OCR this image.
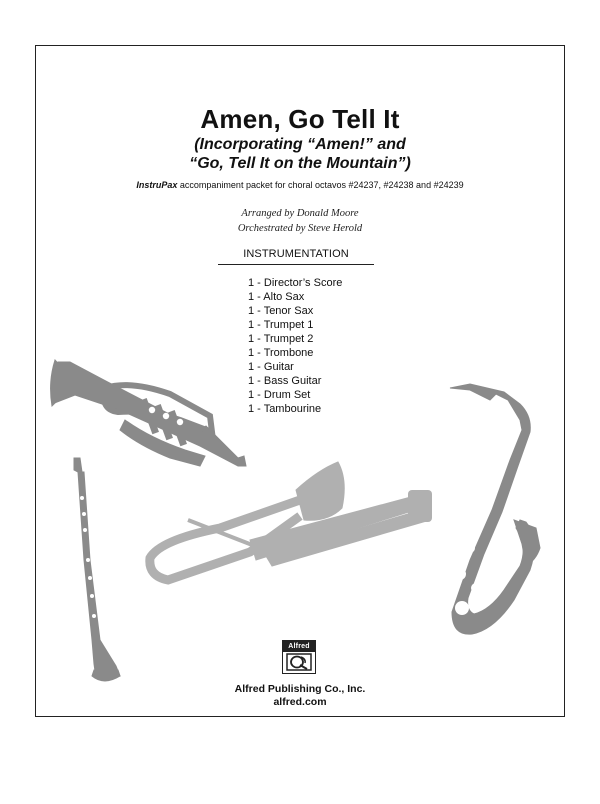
Amen, Go Tell It
(Incorporating “Amen!” and
“Go, Tell It on the Mountain”)
InstruPax accompaniment packet for choral octavos #24237, #24238 and #24239
Arranged by Donald Moore
Orchestrated by Steve Herold
INSTRUMENTATION
1 - Director’s Score
1 - Alto Sax
1 - Tenor Sax
1 - Trumpet 1
1 - Trumpet 2
1 - Trombone
1 - Guitar
1 - Bass Guitar
1 - Drum Set
1 - Tambourine
Alfred
Alfred Publishing Co., Inc.
alfred.com
